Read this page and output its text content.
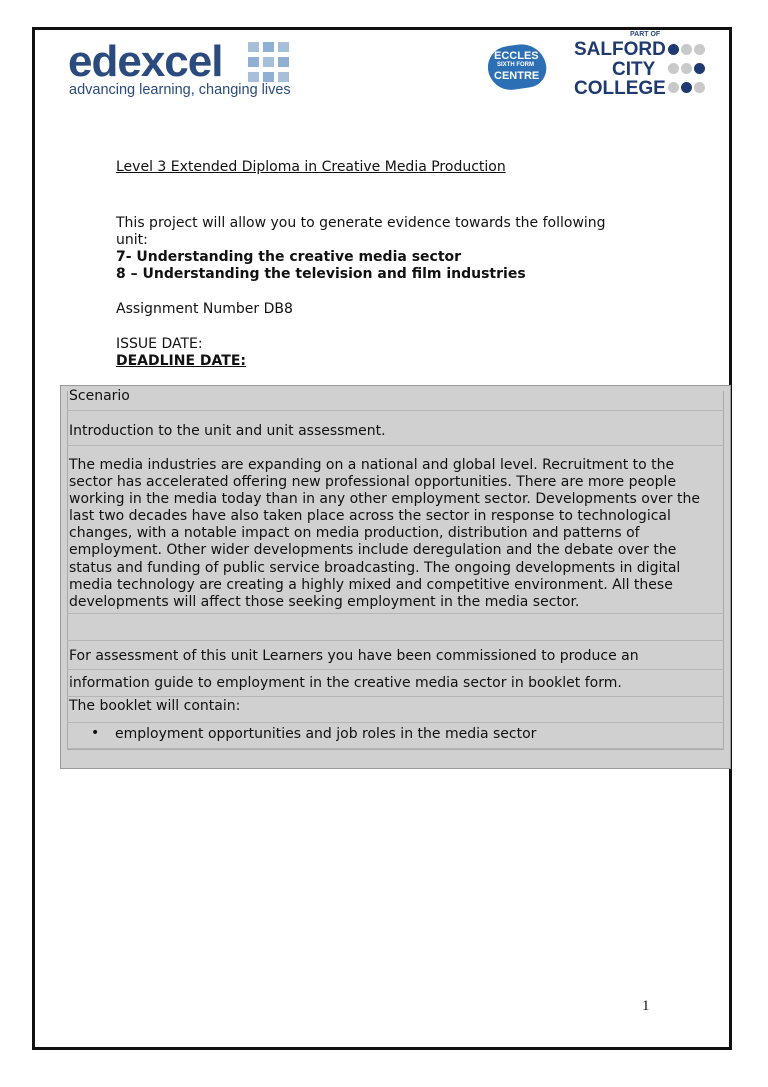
edexcel
advancing learning, changing lives
ECCLES
SIXTH FORM
CENTRE
PART OF
SALFORD
CITY
COLLEGE
Level 3 Extended Diploma in Creative Media Production
This project will allow you to generate evidence towards the following
unit:
7- Understanding the creative media sector
8 – Understanding the television and film industries
Assignment Number DB8
ISSUE DATE:
DEADLINE DATE:
Scenario
Introduction to the unit and unit assessment.
The media industries are expanding on a national and global level. Recruitment to the
sector has accelerated offering new professional opportunities. There are more people
working in the media today than in any other employment sector. Developments over the
last two decades have also taken place across the sector in response to technological
changes, with a notable impact on media production, distribution and patterns of
employment. Other wider developments include deregulation and the debate over the
status and funding of public service broadcasting. The ongoing developments in digital
media technology are creating a highly mixed and competitive environment. All these
developments will affect those seeking employment in the media sector.
For assessment of this unit Learners you have been commissioned to produce an
information guide to employment in the creative media sector in booklet form.
The booklet will contain:
• employment opportunities and job roles in the media sector
1
